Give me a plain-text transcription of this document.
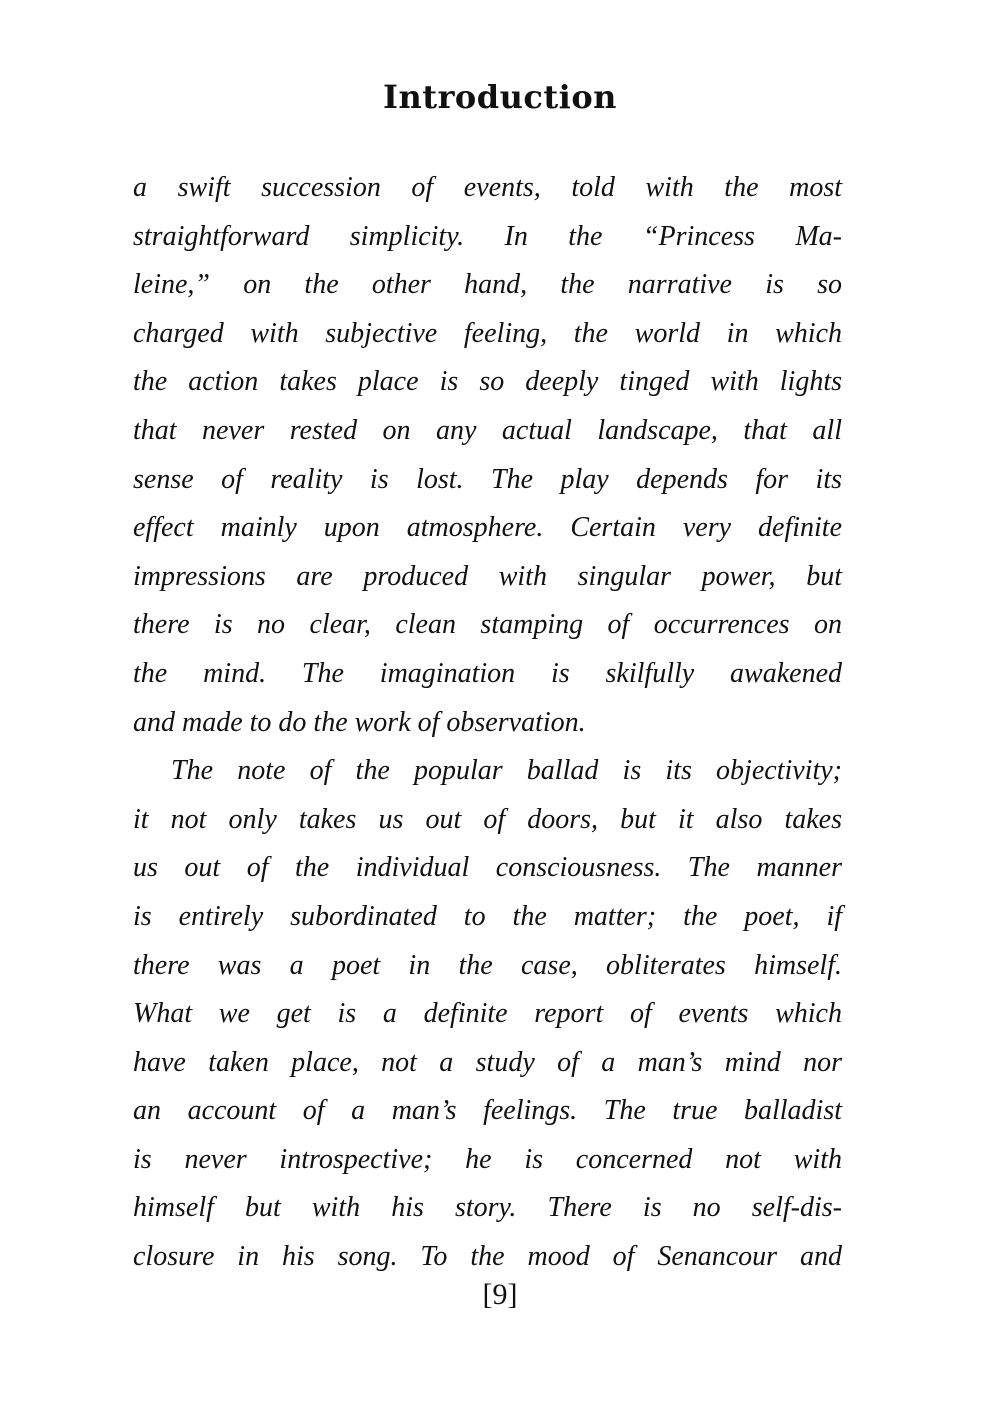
Introduction
a swift succession of events, told with the most
straightforward simplicity. In the “Princess Ma-
leine,” on the other hand, the narrative is so
charged with subjective feeling, the world in which
the action takes place is so deeply tinged with lights
that never rested on any actual landscape, that all
sense of reality is lost. The play depends for its
effect mainly upon atmosphere. Certain very definite
impressions are produced with singular power, but
there is no clear, clean stamping of occurrences on
the mind. The imagination is skilfully awakened
and made to do the work of observation.
The note of the popular ballad is its objectivity;
it not only takes us out of doors, but it also takes
us out of the individual consciousness. The manner
is entirely subordinated to the matter; the poet, if
there was a poet in the case, obliterates himself.
What we get is a definite report of events which
have taken place, not a study of a man’s mind nor
an account of a man’s feelings. The true balladist
is never introspective; he is concerned not with
himself but with his story. There is no self-dis-
closure in his song. To the mood of Senancour and
[9]
